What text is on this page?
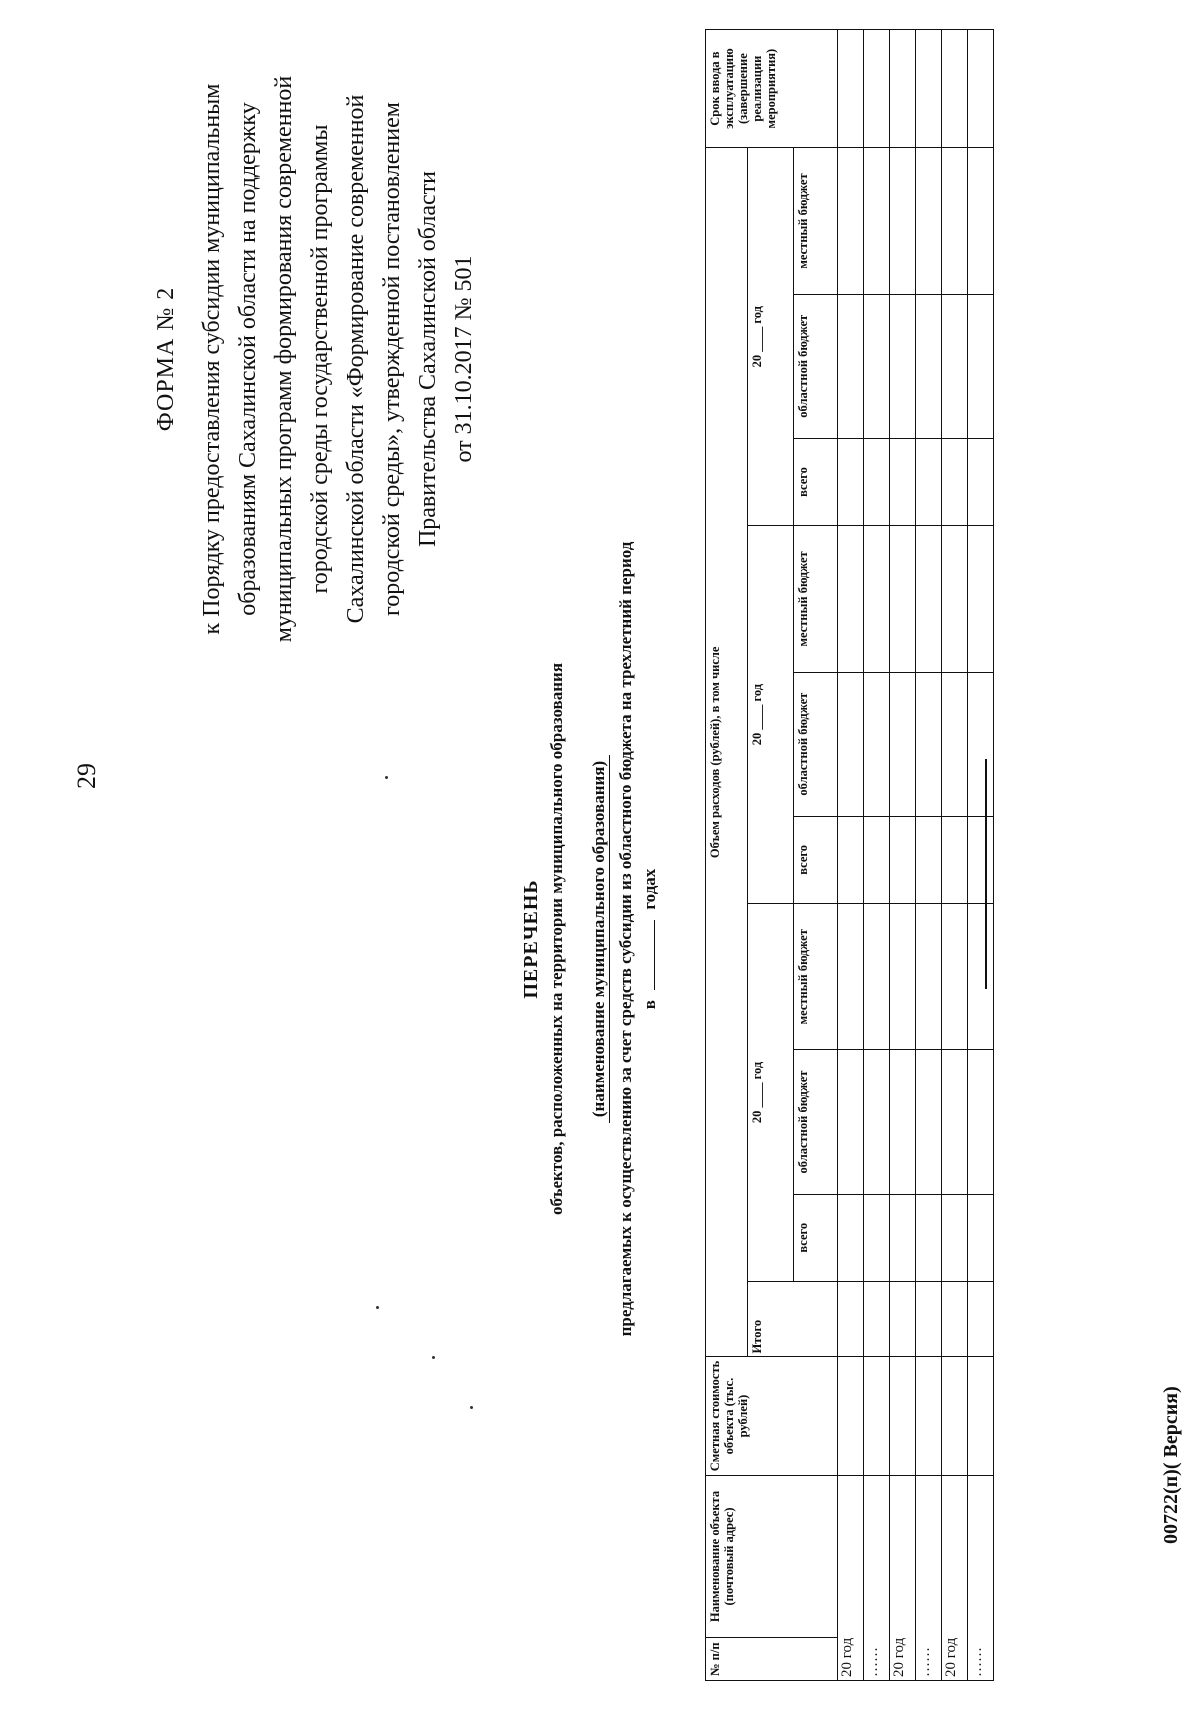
29
ФОРМА № 2 к Порядку предоставления субсидии муниципальным образованиям Сахалинской области на поддержку муниципальных программ формирования современной городской среды государственной программы Сахалинской области «Формирование современной городской среды», утвержденной постановлением Правительства Сахалинской области от 31.10.2017 № 501
ПЕРЕЧЕНЬ объектов, расположенных на территории муниципального образования (наименование муниципального образования) предлагаемых к осуществлению за счет средств субсидии из областного бюджета на трехлетний период в  годах
№ п/п	Наименование объекта (почтовый адрес)	Сметная стоимость объекта (тыс. рублей)	Объем расходов (рублей), в том числе										Срок ввода в эксплуатацию (завершение реализации мероприятия)
			Итого	20 ____ год			20 ____ год			20 ____ год			
				всего	областной бюджет	местный бюджет	всего	областной бюджет	местный бюджет	всего	областной бюджет	местный бюджет	
20 год													
……													
20 год													
……													
20 год													
……													
00722(п)( Версия)
